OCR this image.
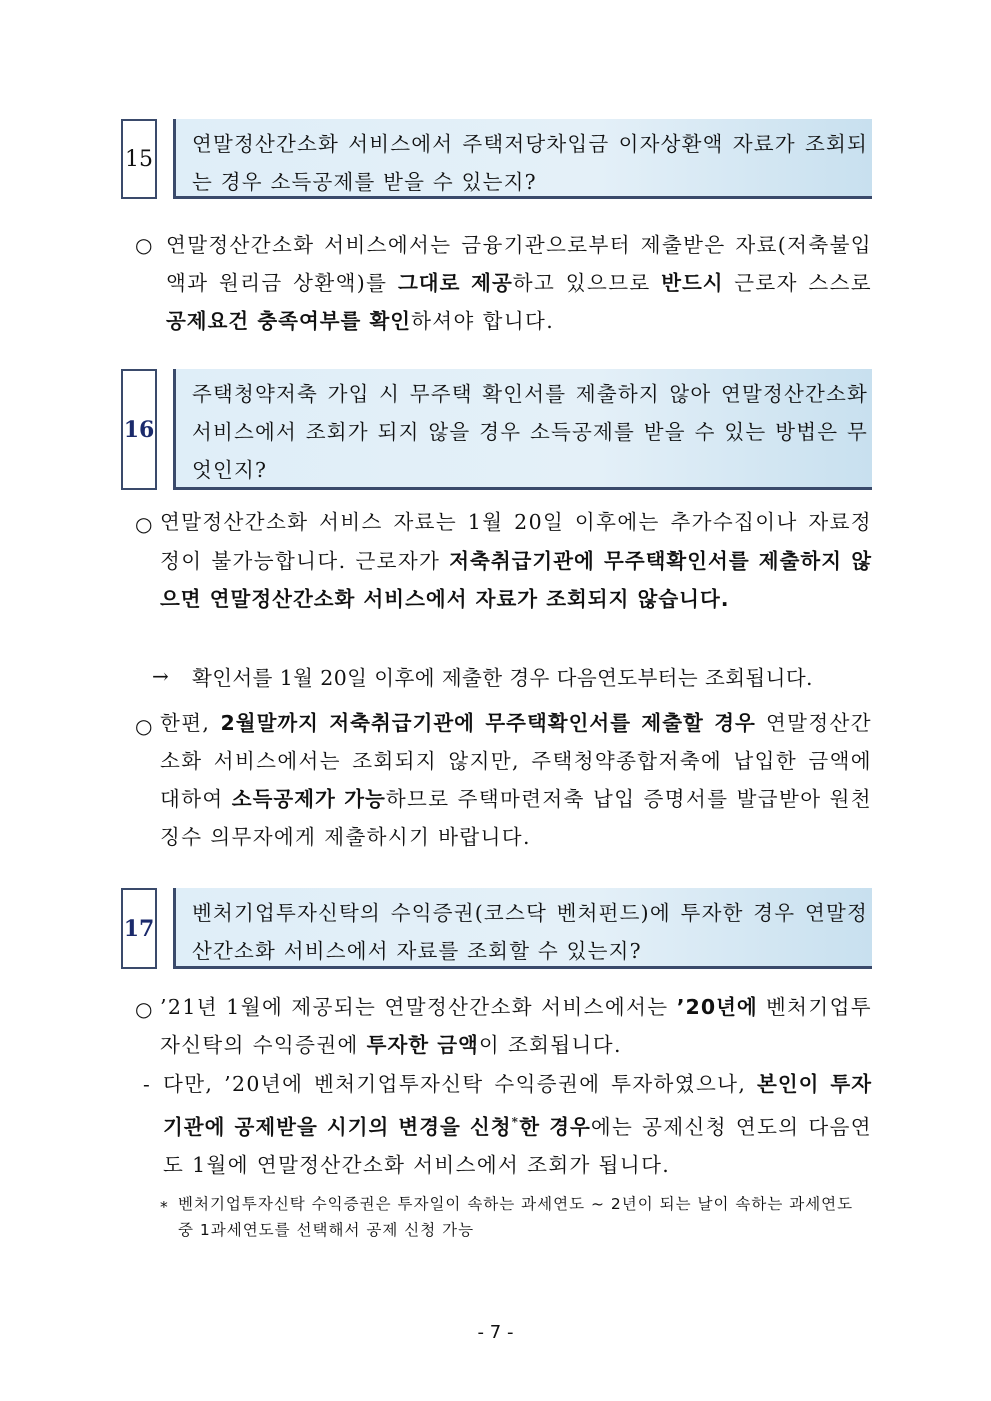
15
연말정산간소화 서비스에서 주택저당차입금 이자상환액 자료가 조회되는 경우 소득공제를 받을 수 있는지?
○ 연말정산간소화 서비스에서는 금융기관으로부터 제출받은 자료(저축불입액과 원리금 상환액)를 그대로 제공하고 있으므로 반드시 근로자 스스로 공제요건 충족여부를 확인하셔야 합니다.
16
주택청약저축 가입 시 무주택 확인서를 제출하지 않아 연말정산간소화 서비스에서 조회가 되지 않을 경우 소득공제를 받을 수 있는 방법은 무엇인지?
○ 연말정산간소화 서비스 자료는 1월 20일 이후에는 추가수집이나 자료정정이 불가능합니다. 근로자가 저축취급기관에 무주택확인서를 제출하지 않으면 연말정산간소화 서비스에서 자료가 조회되지 않습니다.
→ 확인서를 1월 20일 이후에 제출한 경우 다음연도부터는 조회됩니다.
○ 한편, 2월말까지 저축취급기관에 무주택확인서를 제출할 경우 연말정산간소화 서비스에서는 조회되지 않지만, 주택청약종합저축에 납입한 금액에 대하여 소득공제가 가능하므로 주택마련저축 납입 증명서를 발급받아 원천징수 의무자에게 제출하시기 바랍니다.
17
벤처기업투자신탁의 수익증권(코스닥 벤처펀드)에 투자한 경우 연말정산간소화 서비스에서 자료를 조회할 수 있는지?
○ ’21년 1월에 제공되는 연말정산간소화 서비스에서는 ’20년에 벤처기업투자신탁의 수익증권에 투자한 금액이 조회됩니다.
- 다만, ’20년에 벤처기업투자신탁 수익증권에 투자하였으나, 본인이 투자기관에 공제받을 시기의 변경을 신청*한 경우에는 공제신청 연도의 다음연도 1월에 연말정산간소화 서비스에서 조회가 됩니다.
* 벤처기업투자신탁 수익증권은 투자일이 속하는 과세연도 ~ 2년이 되는 날이 속하는 과세연도 중 1과세연도를 선택해서 공제 신청 가능
- 7 -
